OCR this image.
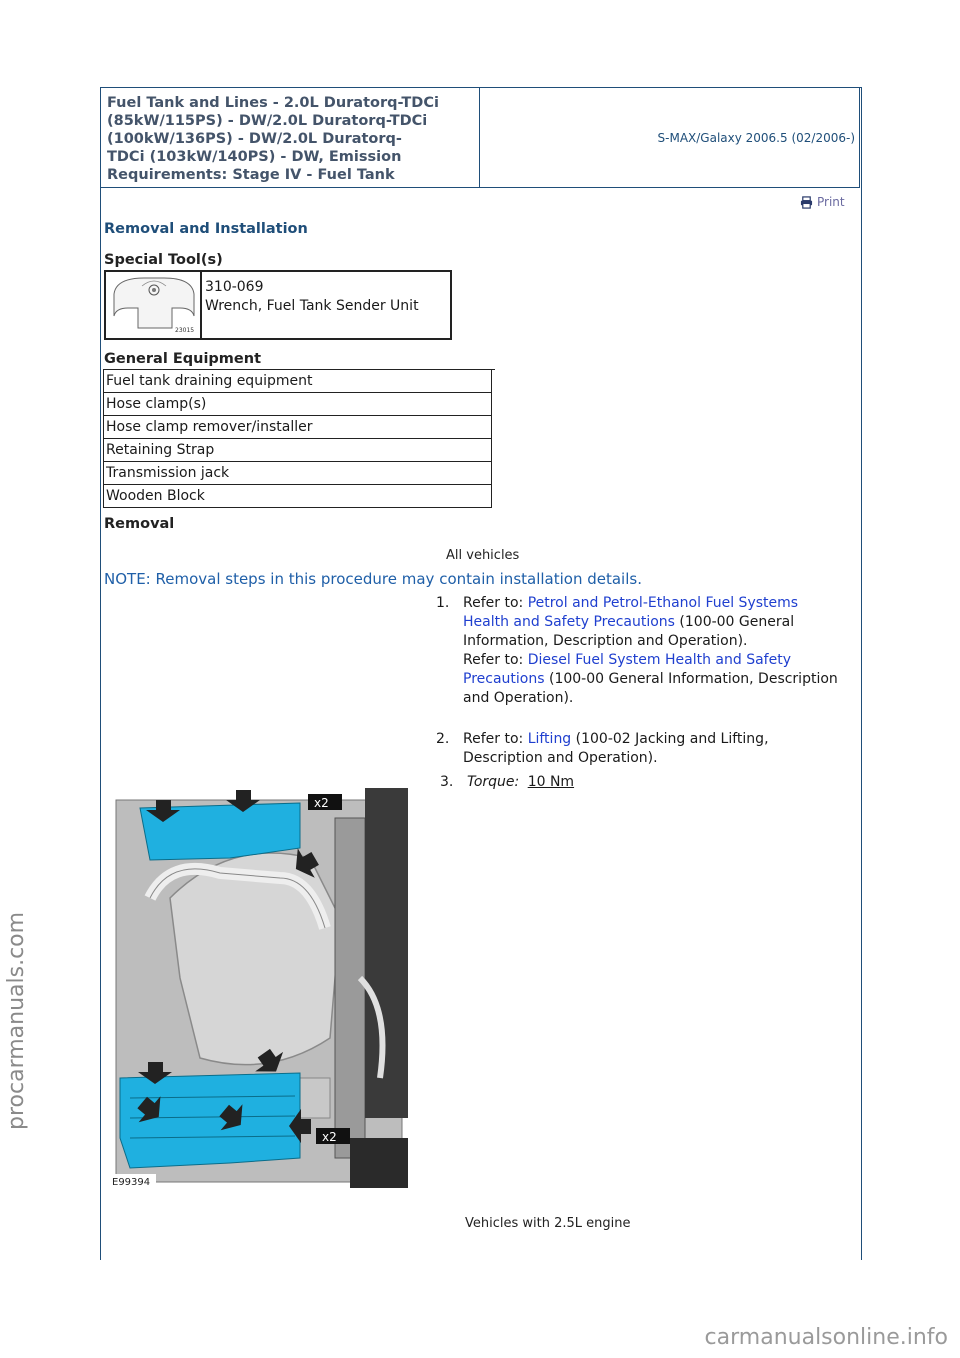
procarmanuals.com
carmanualsonline.info
Fuel Tank and Lines - 2.0L Duratorq-TDCi
(85kW/115PS) - DW/2.0L Duratorq-TDCi
(100kW/136PS) - DW/2.0L Duratorq-
TDCi (103kW/140PS) - DW, Emission
Requirements: Stage IV - Fuel Tank
S-MAX/Galaxy 2006.5 (02/2006-)
Print
Removal and Installation
Special Tool(s)
23015
310-069
Wrench, Fuel Tank Sender Unit
General Equipment
Fuel tank draining equipment
Hose clamp(s)
Hose clamp remover/installer
Retaining Strap
Transmission jack
Wooden Block
Removal
All vehicles
NOTE: Removal steps in this procedure may contain installation details.
1. Refer to: Petrol and Petrol-Ethanol Fuel Systems Health and Safety Precautions (100-00 General Information, Description and Operation).
Refer to: Diesel Fuel System Health and Safety Precautions (100-00 General Information, Description and Operation).
2. Refer to: Lifting (100-02 Jacking and Lifting, Description and Operation).
3. Torque: 10 Nm
x2
x2
E99394
Vehicles with 2.5L engine
